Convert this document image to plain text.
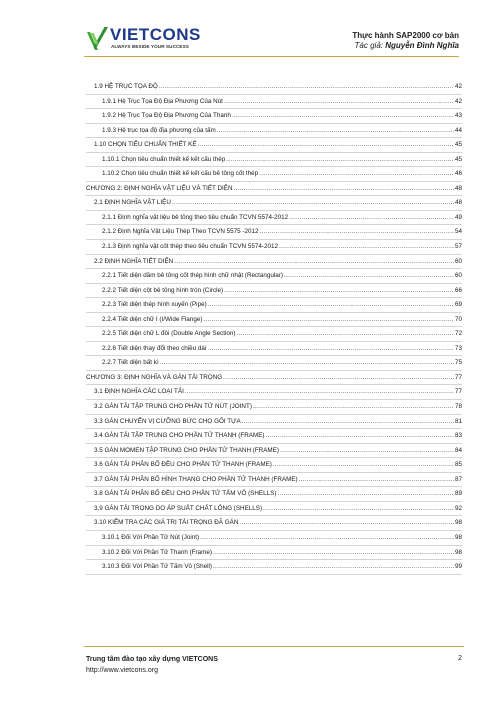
VIETCONS
ALWAYS BESIDE YOUR SUCCESS
Thực hành SAP2000 cơ bản
Tác giả: Nguyễn Đình Nghĩa
1.9 HỆ TRỤC TỌA ĐỘ .....	42
1.9.1 Hệ Trục Tọa Độ Địa Phương Của Nút .....	42
1.9.2 Hệ Trục Tọa Độ Địa Phương Của Thanh .....	43
1.9.3 Hệ trục tọa độ địa phương của tấm .....	44
1.10 CHỌN TIÊU CHUẨN THIẾT KẾ .....	45
1.10.1 Chọn tiêu chuẩn thiết kế kết cấu thép .....	45
1.10.2 Chọn tiêu chuẩn thiết kế kết cấu bê tông cốt thép .....	46
CHƯƠNG 2: ĐỊNH NGHĨA VẬT LIỆU VÀ TIẾT DIỆN .....	48
2.1 ĐỊNH NGHĨA VẬT LIỆU .....	48
2.1.1 Định nghĩa vật liệu bê tông theo tiêu chuẩn TCVN 5574-2012 .....	49
2.1.2 Định Nghĩa Vật Liệu Thép Theo TCVN 5575 -2012 .....	54
2.1.3 Định nghĩa vật cốt thép theo tiêu chuẩn TCVN 5574-2012 .....	57
2.2 ĐỊNH NGHĨA TIẾT DIỆN .....	60
2.2.1 Tiết diện dầm bê tông cốt thép hình chữ nhật (Rectangular) .....	60
2.2.2 Tiết diện cột bê tông hình tròn (Circle) .....	66
2.2.3 Tiết diện thép hình xuyến (Pipe) .....	69
2.2.4 Tiết diện chữ I (I/Wide Flange) .....	70
2.2.5 Tiết diện chữ L đôi (Double Angle Section) .....	72
2.2.6 Tiết diện thay đổi theo chiều dài .....	73
2.2.7 Tiết diện bất kì .....	75
CHƯƠNG 3: ĐỊNH NGHĨA VÀ GÁN TẢI TRỌNG .....	77
3.1 ĐỊNH NGHĨA CÁC LOẠI TẢI .....	77
3.2 GÁN TẢI TẬP TRUNG CHO PHẦN TỬ NÚT (JOINT) .....	78
3.3 GÁN CHUYỂN VỊ CƯỠNG BỨC CHO GỐI TỰA .....	81
3.4 GÁN TẢI TẬP TRUNG CHO PHẦN TỬ THANH (FRAME) .....	83
3.5 GÁN MOMEN TẬP TRUNG CHO PHẦN TỬ THANH (FRAME) .....	84
3.6 GÁN TẢI PHÂN BỐ ĐỀU CHO PHẦN TỬ THANH (FRAME) .....	85
3.7 GÁN TẢI PHÂN BỐ HÌNH THANG CHO PHẦN TỬ THANH (FRAME) .....	87
3.8 GÁN TẢI PHÂN BỐ ĐỀU CHO PHẦN TỬ TẤM VỎ (SHELLS) .....	89
3.9 GÁN TẢI TRỌNG DO ÁP SUẤT CHẤT LỎNG (SHELLS) .....	92
3.10 KIỂM TRA CÁC GIÁ TRỊ TẢI TRỌNG ĐÃ GÁN .....	98
3.10.1 Đối Với Phần Tử Nút (Joint) .....	98
3.10.2 Đối Với Phần Tử Thanh (Frame) .....	98
3.10.3 Đối Với Phần Tử Tấm Vỏ (Shell) .....	99
Trung tâm đào tạo xây dựng VIETCONS
http://www.vietcons.org
2
